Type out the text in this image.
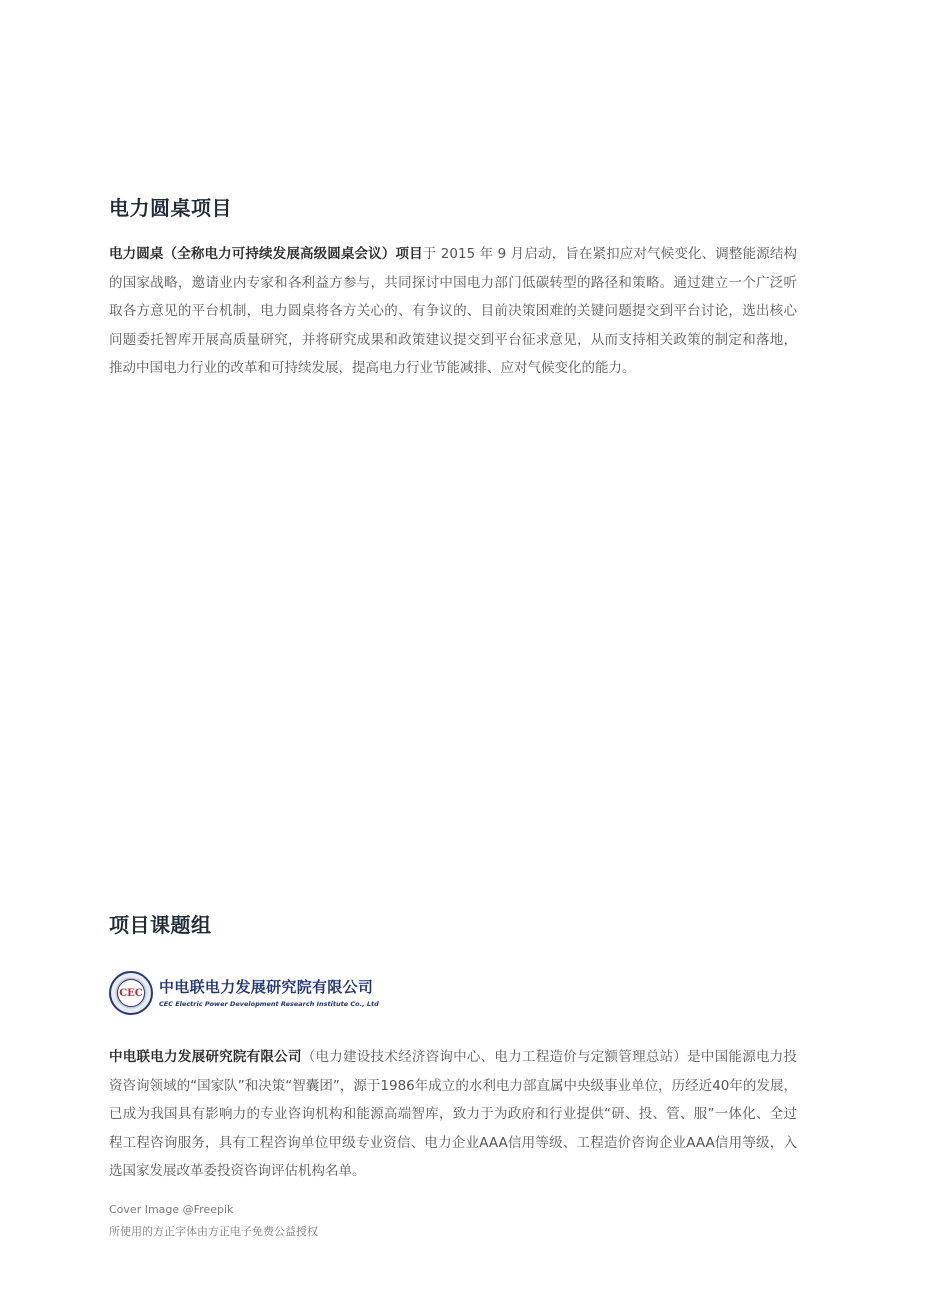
电力圆桌项目

电力圆桌（全称电力可持续发展高级圆桌会议）项目于 2015 年 9 月启动，旨在紧扣应对气候变化、调整能源结构的国家战略，邀请业内专家和各利益方参与，共同探讨中国电力部门低碳转型的路径和策略。通过建立一个广泛听取各方意见的平台机制，电力圆桌将各方关心的、有争议的、目前决策困难的关键问题提交到平台讨论，选出核心问题委托智库开展高质量研究，并将研究成果和政策建议提交到平台征求意见，从而支持相关政策的制定和落地，推动中国电力行业的改革和可持续发展，提高电力行业节能减排、应对气候变化的能力。

项目课题组
CEC 中电联电力发展研究院有限公司
CEC Electric Power Development Research Institute Co., Ltd

中电联电力发展研究院有限公司（电力建设技术经济咨询中心、电力工程造价与定额管理总站）是中国能源电力投资咨询领域的“国家队”和决策“智囊团”，源于1986年成立的水利电力部直属中央级事业单位，历经近40年的发展，已成为我国具有影响力的专业咨询机构和能源高端智库，致力于为政府和行业提供“研、投、管、服”一体化、全过程工程咨询服务，具有工程咨询单位甲级专业资信、电力企业AAA信用等级、工程造价咨询企业AAA信用等级，入选国家发展改革委投资咨询评估机构名单。

Cover Image @Freepik
所使用的方正字体由方正电子免费公益授权
